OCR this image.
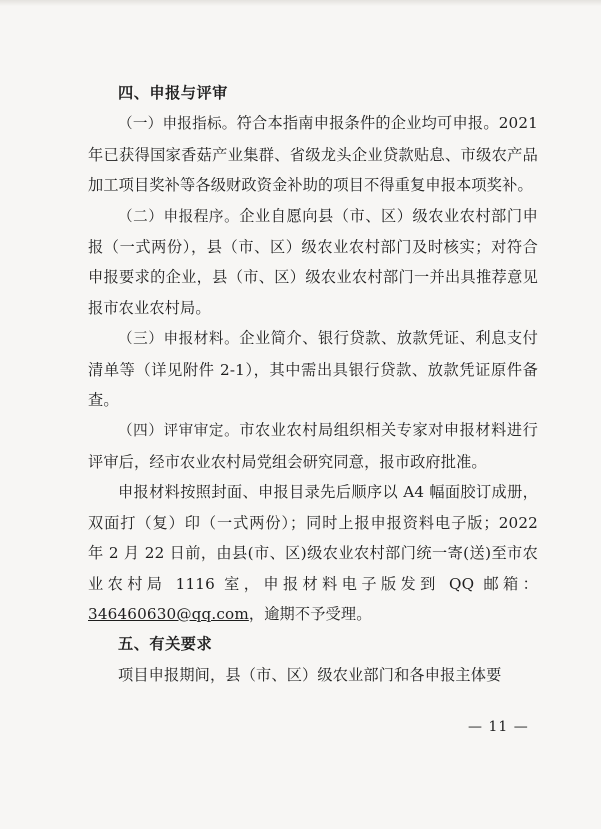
四、申报与评审

（一）申报指标。符合本指南申报条件的企业均可申报。2021 年已获得国家香菇产业集群、省级龙头企业贷款贴息、市级农产品加工项目奖补等各级财政资金补助的项目不得重复申报本项奖补。

（二）申报程序。企业自愿向县（市、区）级农业农村部门申报（一式两份），县（市、区）级农业农村部门及时核实；对符合申报要求的企业，县（市、区）级农业农村部门一并出具推荐意见报市农业农村局。

（三）申报材料。企业简介、银行贷款、放款凭证、利息支付清单等（详见附件 2-1），其中需出具银行贷款、放款凭证原件备查。

（四）评审审定。市农业农村局组织相关专家对申报材料进行评审后，经市农业农村局党组会研究同意，报市政府批准。

申报材料按照封面、申报目录先后顺序以 A4 幅面胶订成册，双面打（复）印（一式两份）；同时上报申报资料电子版；2022 年 2 月 22 日前，由县(市、区)级农业农村部门统一寄(送)至市农业农村局 1116 室，申报材料电子版发到 QQ 邮箱：346460630@qq.com，逾期不予受理。

五、有关要求

项目申报期间，县（市、区）级农业部门和各申报主体要

— 11 —
